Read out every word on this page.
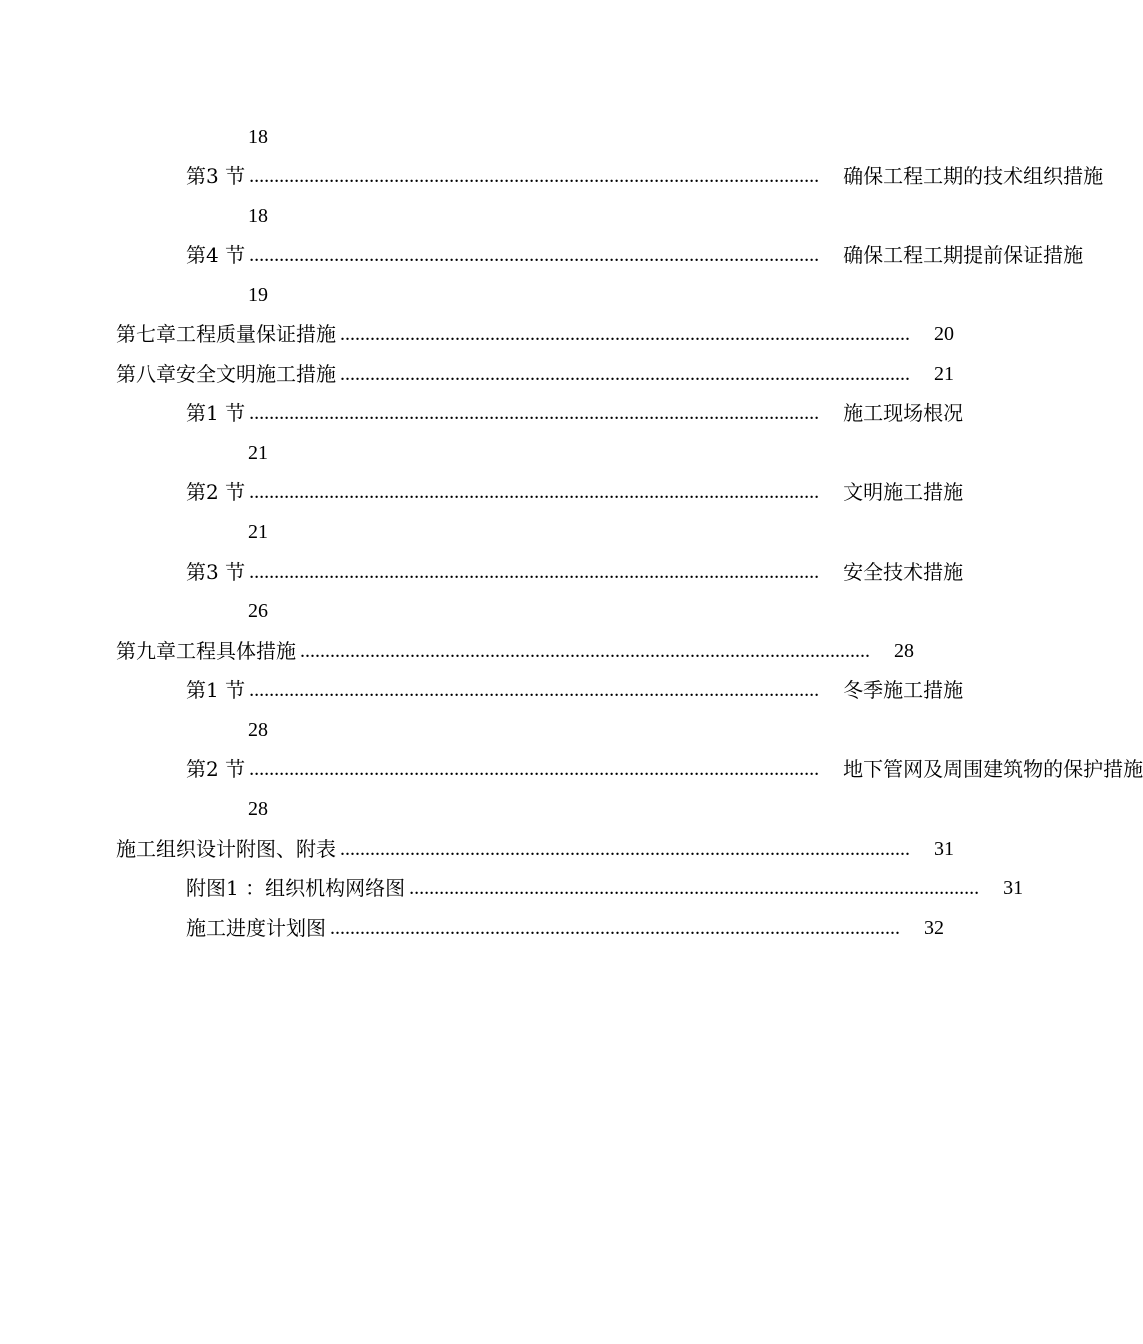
18
第3 节 .................................................................................................................. 确保工程工期的技术组织措施
18
第4 节 .................................................................................................................. 确保工程工期提前保证措施
19
第七章 工程质量保证措施 .................................................................................................................. 20
第八章 安全文明施工措施 .................................................................................................................. 21
第1 节 .................................................................................................................. 施工现场根况
21
第2 节 .................................................................................................................. 文明施工措施
21
第3 节 .................................................................................................................. 安全技术措施
26
第九章 工程具体措施 .................................................................................................................. 28
第1 节 .................................................................................................................. 冬季施工措施
28
第2 节 .................................................................................................................. 地下管网及周围建筑物的保护措施
28
施工组织设计附图、附表 .................................................................................................................. 31
附图1 ：组织机构网络图 .................................................................................................................. 31
施工进度计划图 .................................................................................................................. 32
